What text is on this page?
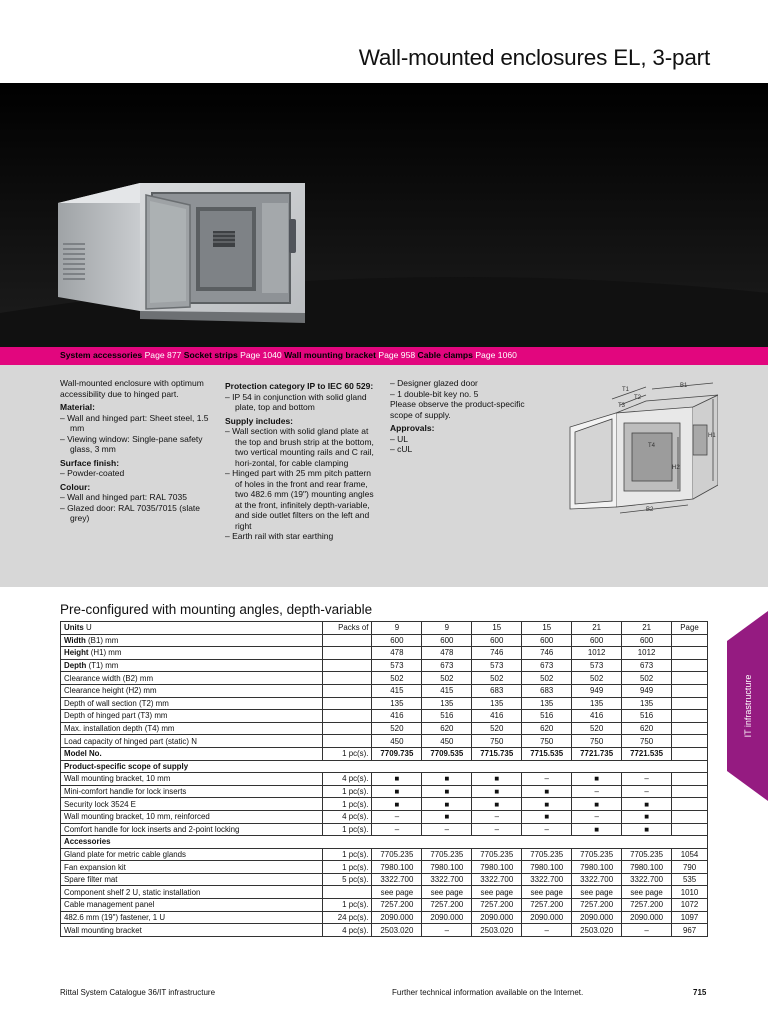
Wall-mounted enclosures EL, 3-part
System accessories Page 877 Socket strips Page 1040 Wall mounting bracket Page 958 Cable clamps Page 1060
Wall-mounted enclosure with optimum accessibility due to hinged part.
Material:
– Wall and hinged part: Sheet steel, 1.5 mm
– Viewing window: Single-pane safety glass, 3 mm
Surface finish:
– Powder-coated
Colour:
– Wall and hinged part: RAL 7035
– Glazed door: RAL 7035/7015 (slate grey)
Protection category IP to IEC 60 529:
– IP 54 in conjunction with solid gland plate, top and bottom
Supply includes:
– Wall section with solid gland plate at the top and brush strip at the bottom, two vertical mounting rails and C rail, hori-zontal, for cable clamping
– Hinged part with 25 mm pitch pattern of holes in the front and rear frame, two 482.6 mm (19") mounting angles at the front, infinitely depth-variable, and side outlet filters on the left and right
– Earth rail with star earthing
– Designer glazed door
– 1 double-bit key no. 5
Please observe the product-specific scope of supply.
Approvals:
– UL
– cUL
T1
T2
T3
B1
B2
H1
H2
T4
Pre-configured with mounting angles, depth-variable
Units U	Packs of	9	9	15	15	21	21	Page
Width (B1) mm		600	600	600	600	600	600	
Height (H1) mm		478	478	746	746	1012	1012	
Depth (T1) mm		573	673	573	673	573	673	
Clearance width (B2) mm		502	502	502	502	502	502	
Clearance height (H2) mm		415	415	683	683	949	949	
Depth of wall section (T2) mm		135	135	135	135	135	135	
Depth of hinged part (T3) mm		416	516	416	516	416	516	
Max. installation depth (T4) mm		520	620	520	620	520	620	
Load capacity of hinged part (static) N		450	450	750	750	750	750	
Model No.	1 pc(s).	7709.735	7709.535	7715.735	7715.535	7721.735	7721.535	
Product-specific scope of supply								
Wall mounting bracket, 10 mm	4 pc(s).	■	■	■	–	■	–	
Mini-comfort handle for lock inserts	1 pc(s).	■	■	■	■	–	–	
Security lock 3524 E	1 pc(s).	■	■	■	■	■	■	
Wall mounting bracket, 10 mm, reinforced	4 pc(s).	–	■	–	■	–	■	
Comfort handle for lock inserts and 2-point locking	1 pc(s).	–	–	–	–	■	■	
Accessories								
Gland plate for metric cable glands	1 pc(s).	7705.235	7705.235	7705.235	7705.235	7705.235	7705.235	1054
Fan expansion kit	1 pc(s).	7980.100	7980.100	7980.100	7980.100	7980.100	7980.100	790
Spare filter mat	5 pc(s).	3322.700	3322.700	3322.700	3322.700	3322.700	3322.700	535
Component shelf 2 U, static installation		see page	see page	see page	see page	see page	see page	1010
Cable management panel	1 pc(s).	7257.200	7257.200	7257.200	7257.200	7257.200	7257.200	1072
482.6 mm (19") fastener, 1 U	24 pc(s).	2090.000	2090.000	2090.000	2090.000	2090.000	2090.000	1097
Wall mounting bracket	4 pc(s).	2503.020	–	2503.020	–	2503.020	–	967
IT infrastructure
Rittal System Catalogue 36/IT infrastructure	Further technical information available on the Internet.	715
